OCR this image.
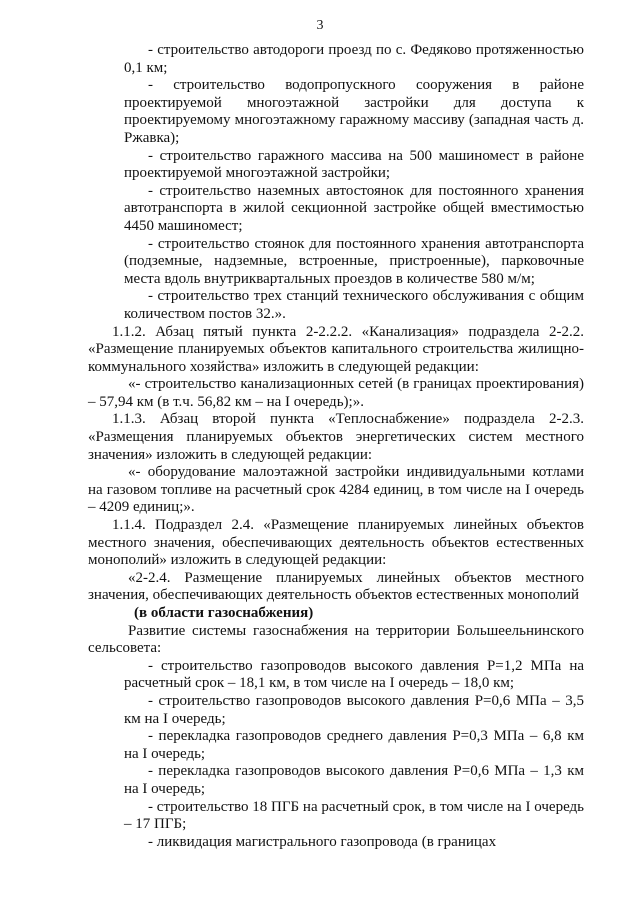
3

- строительство автодороги проезд по с. Федяково протяженностью 0,1 км;

- строительство водопропускного сооружения в районе проектируемой многоэтажной застройки для доступа к проектируемому многоэтажному гаражному массиву (западная часть д. Ржавка);

- строительство гаражного массива на 500 машиномест в районе проектируемой многоэтажной застройки;

- строительство наземных автостоянок для постоянного хранения автотранспорта в жилой секционной застройке общей вместимостью 4450 машиномест;

- строительство стоянок для постоянного хранения автотранспорта (подземные, надземные, встроенные, пристроенные), парковочные места вдоль внутриквартальных проездов в количестве 580 м/м;

- строительство трех станций технического обслуживания с общим количеством постов 32.».

1.1.2. Абзац пятый пункта 2-2.2.2. «Канализация» подраздела 2-2.2. «Размещение планируемых объектов капитального строительства жилищно-коммунального хозяйства» изложить в следующей редакции:

«- строительство канализационных сетей (в границах проектирования) – 57,94 км (в т.ч. 56,82 км – на I очередь);».

1.1.3. Абзац второй пункта «Теплоснабжение» подраздела 2-2.3. «Размещения планируемых объектов энергетических систем местного значения» изложить в следующей редакции:

«- оборудование малоэтажной застройки индивидуальными котлами на газовом топливе на расчетный срок 4284 единиц, в том числе на I очередь – 4209 единиц;».

1.1.4. Подраздел 2.4. «Размещение планируемых линейных объектов местного значения, обеспечивающих деятельность объектов естественных монополий» изложить в следующей редакции:

«2-2.4. Размещение планируемых линейных объектов местного значения, обеспечивающих деятельность объектов естественных монополий

(в области газоснабжения)

Развитие системы газоснабжения на территории Большеельнинского сельсовета:

- строительство газопроводов высокого давления Р=1,2 МПа на расчетный срок – 18,1 км, в том числе на I очередь – 18,0 км;

- строительство газопроводов высокого давления Р=0,6 МПа – 3,5 км на I очередь;

- перекладка газопроводов среднего давления Р=0,3 МПа – 6,8 км на I очередь;

- перекладка газопроводов высокого давления Р=0,6 МПа – 1,3 км на I очередь;

- строительство 18 ПГБ на расчетный срок, в том числе на I очередь – 17 ПГБ;

- ликвидация магистрального газопровода (в границах
